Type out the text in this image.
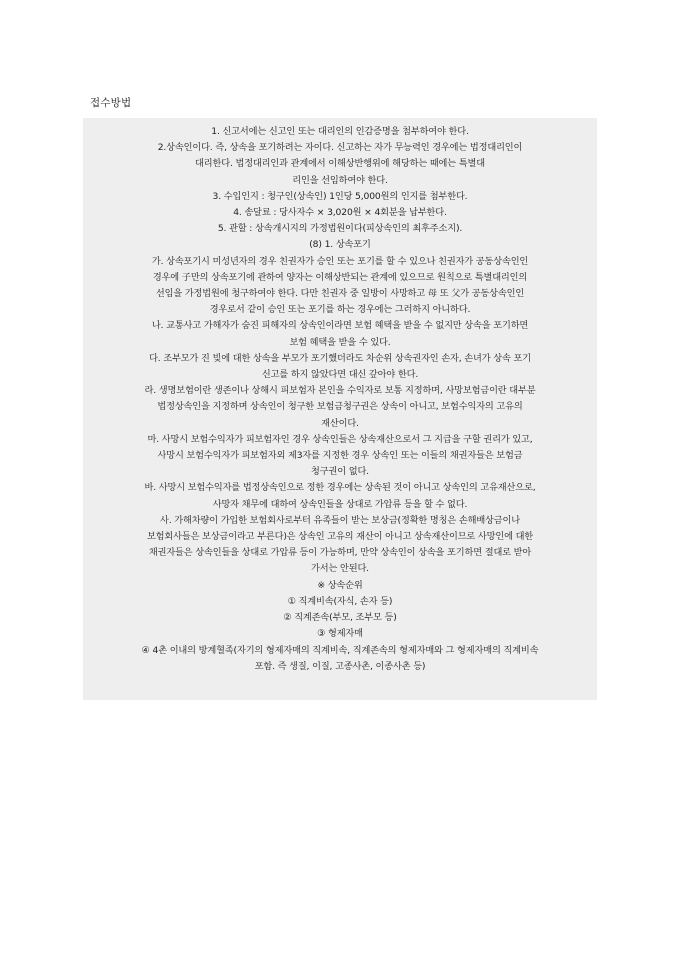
접수방법
1. 신고서에는 신고인 또는 대리인의 인감증명을 첨부하여야 한다.
2.상속인이다. 즉, 상속을 포기하려는 자이다. 신고하는 자가 무능력인 경우에는 법정대리인이
대리한다. 법정대리인과 관계에서 이해상반행위에 해당하는 때에는 특별대
리인을 선임하여야 한다.
3. 수입인지 : 청구인(상속인) 1인당 5,000원의 인지를 첨부한다.
4. 송달료 : 당사자수 × 3,020원 × 4회분을 납부한다.
5. 관할 : 상속개시지의 가정법원이다(피상속인의 최후주소지).
(8) 1. 상속포기
가. 상속포기시 미성년자의 경우 친권자가 승인 또는 포기를 할 수 있으나 친권자가 공동상속인인
경우에 子만의 상속포기에 관하여 양자는 이해상반되는 관계에 있으므로 원칙으로 특별대리인의
선임을 가정법원에 청구하여야 한다. 다만 친권자 중 일방이 사망하고 母 또 父가 공동상속인인
경우로서 같이 승인 또는 포기를 하는 경우에는 그러하지 아니하다.
나. 교통사고 가해자가 숨진 피해자의 상속인이라면 보험 혜택을 받을 수 없지만 상속을 포기하면
보험 혜택을 받을 수 있다.
다. 조부모가 진 빚에 대한 상속을 부모가 포기했더라도 차순위 상속권자인 손자, 손녀가 상속 포기
신고를 하지 않았다면 대신 갚아야 한다.
라. 생명보험이란 생존이나 상해시 피보험자 본인을 수익자로 보통 지정하며, 사망보험금이란 대부분
법정상속인을 지정하며 상속인이 청구한 보험금청구권은 상속이 아니고, 보험수익자의 고유의
재산이다.
마. 사망시 보험수익자가 피보험자인 경우 상속인들은 상속재산으로서 그 지급을 구할 권리가 있고,
사망시 보험수익자가 피보험자외 제3자를 지정한 경우 상속인 또는 이들의 채권자들은 보험금
청구권이 없다.
바. 사망시 보험수익자를 법정상속인으로 정한 경우에는 상속된 것이 아니고 상속인의 고유재산으로,
사망자 채무에 대하여 상속인들을 상대로 가압류 등을 할 수 없다.
사. 가해차량이 가입한 보험회사로부터 유족들이 받는 보상금(정확한 명칭은 손해배상금이나
보험회사들은 보상금이라고 부른다)은 상속인 고유의 재산이 아니고 상속재산이므로 사망인에 대한
채권자들은 상속인들을 상대로 가압류 등이 가능하며, 만약 상속인이 상속을 포기하면 절대로 받아
가서는 안된다.
※ 상속순위
① 직계비속(자식, 손자 등)
② 직계존속(부모, 조부모 등)
③ 형제자매
④ 4촌 이내의 방계혈족(자기의 형제자매의 직계비속, 직계존속의 형제자매와 그 형제자매의 직계비속
포함. 즉 생질, 이질, 고종사촌, 이종사촌 등)
